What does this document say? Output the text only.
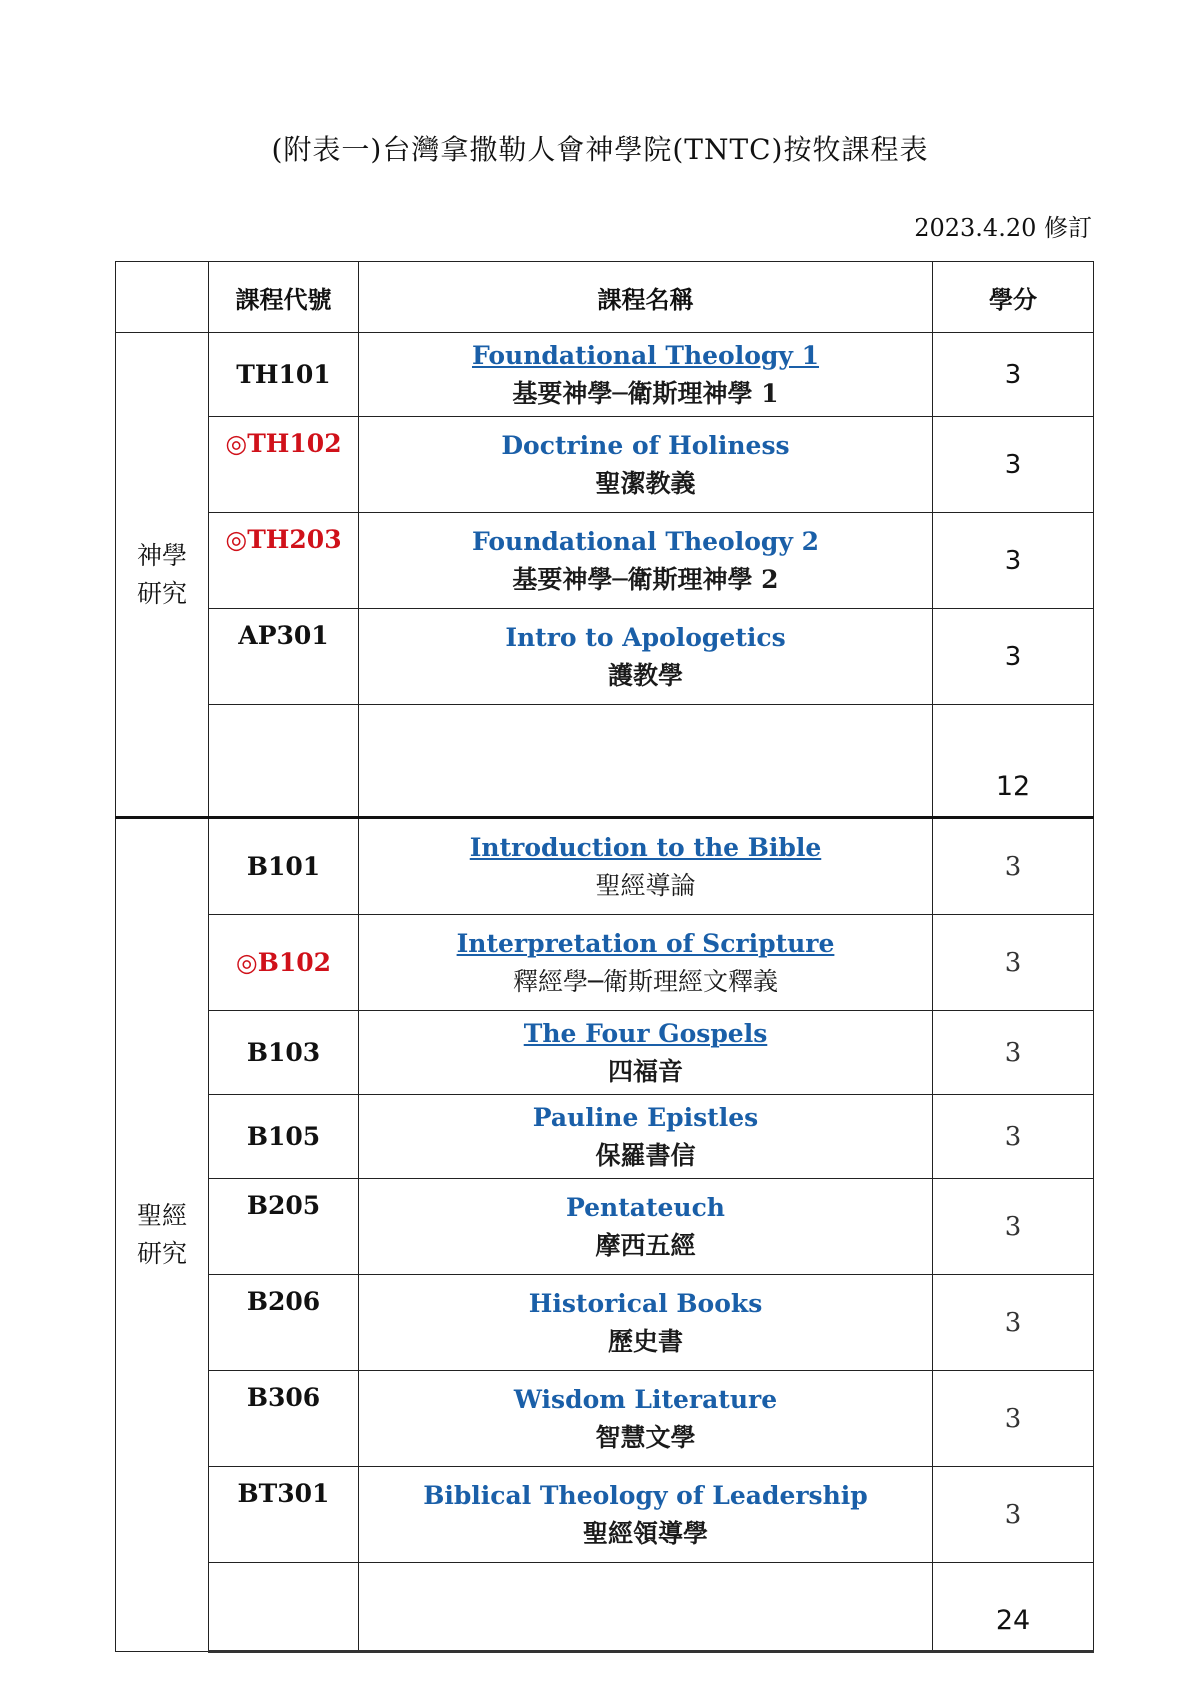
(附表一)台灣拿撒勒人會神學院(TNTC)按牧課程表
2023.4.20 修訂
	課程代號	課程名稱	學分

神學
研究	TH101	Foundational Theology 1
基要神學─衛斯理神學 1	3
	◎TH102	Doctrine of Holiness
聖潔教義	3
	◎TH203	Foundational Theology 2
基要神學─衛斯理神學 2	3
	AP301	Intro to Apologetics
護教學	3
			12

聖經
研究	B101	Introduction to the Bible
聖經導論	3
	◎B102	Interpretation of Scripture
釋經學─衛斯理經文釋義	3
	B103	The Four Gospels
四福音	3
	B105	Pauline Epistles
保羅書信	3
	B205	Pentateuch
摩西五經	3
	B206	Historical Books
歷史書	3
	B306	Wisdom Literature
智慧文學	3
	BT301	Biblical Theology of Leadership
聖經領導學	3
			24
